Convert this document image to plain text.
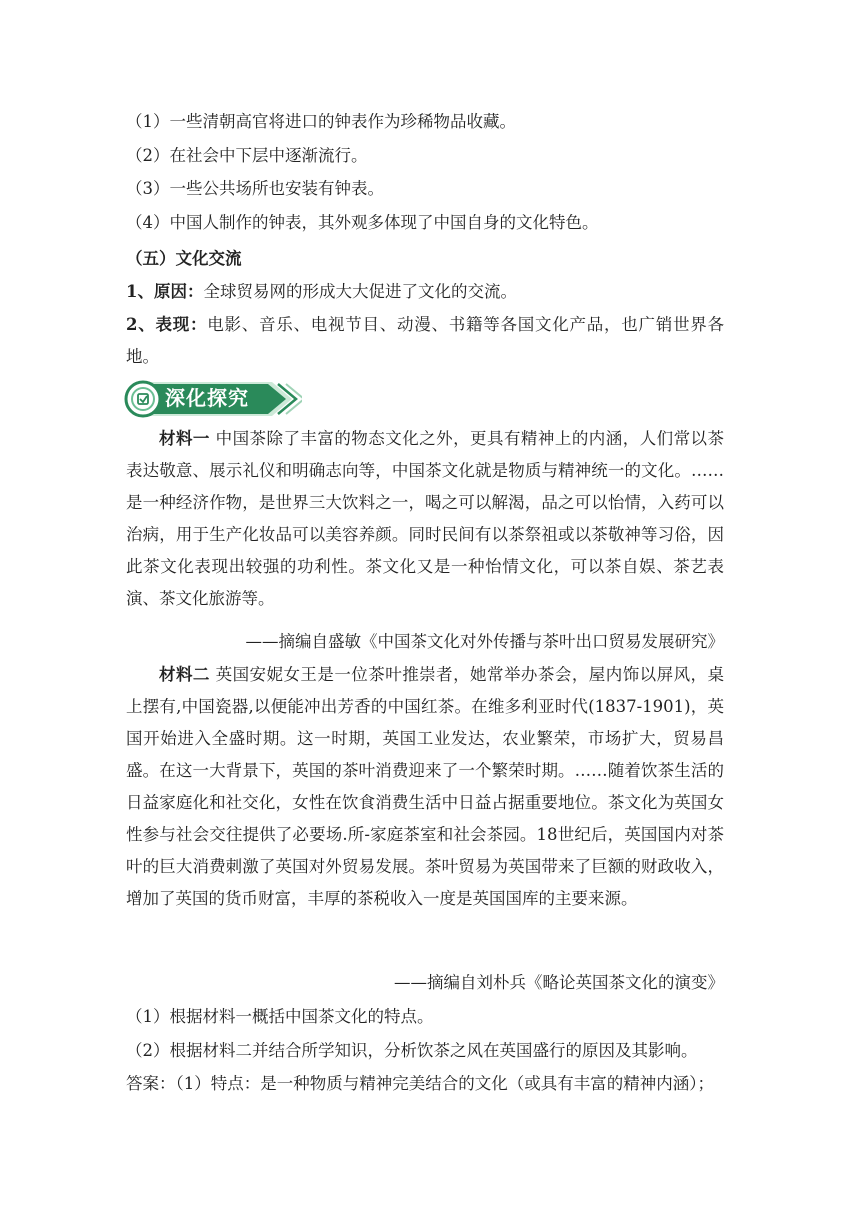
（1）一些清朝高官将进口的钟表作为珍稀物品收藏。
（2）在社会中下层中逐渐流行。
（3）一些公共场所也安装有钟表。
（4）中国人制作的钟表，其外观多体现了中国自身的文化特色。
（五）文化交流
1、原因：全球贸易网的形成大大促进了文化的交流。
2、表现：电影、音乐、电视节目、动漫、书籍等各国文化产品，也广销世界各地。
深化探究
材料一 中国茶除了丰富的物态文化之外，更具有精神上的内涵，人们常以茶表达敬意、展示礼仪和明确志向等，中国茶文化就是物质与精神统一的文化。……是一种经济作物，是世界三大饮料之一，喝之可以解渴，品之可以怡情，入药可以治病，用于生产化妆品可以美容养颜。同时民间有以茶祭祖或以茶敬神等习俗，因此茶文化表现出较强的功利性。茶文化又是一种怡情文化，可以茶自娱、茶艺表演、茶文化旅游等。
——摘编自盛敏《中国茶文化对外传播与茶叶出口贸易发展研究》
材料二 英国安妮女王是一位茶叶推崇者，她常举办茶会，屋内饰以屏风，桌上摆有,中国瓷器,以便能冲出芳香的中国红茶。在维多利亚时代(1837-1901)，英国开始进入全盛时期。这一时期，英国工业发达，农业繁荣，市场扩大，贸易昌盛。在这一大背景下，英国的茶叶消费迎来了一个繁荣时期。……随着饮茶生活的日益家庭化和社交化，女性在饮食消费生活中日益占据重要地位。茶文化为英国女性参与社会交往提供了必要场.所-家庭茶室和社会茶园。18世纪后，英国国内对茶叶的巨大消费刺激了英国对外贸易发展。茶叶贸易为英国带来了巨额的财政收入，增加了英国的货币财富，丰厚的茶税收入一度是英国国库的主要来源。
——摘编自刘朴兵《略论英国茶文化的演变》
（1）根据材料一概括中国茶文化的特点。
（2）根据材料二并结合所学知识，分析饮茶之风在英国盛行的原因及其影响。
答案：（1）特点：是一种物质与精神完美结合的文化（或具有丰富的精神内涵）；
